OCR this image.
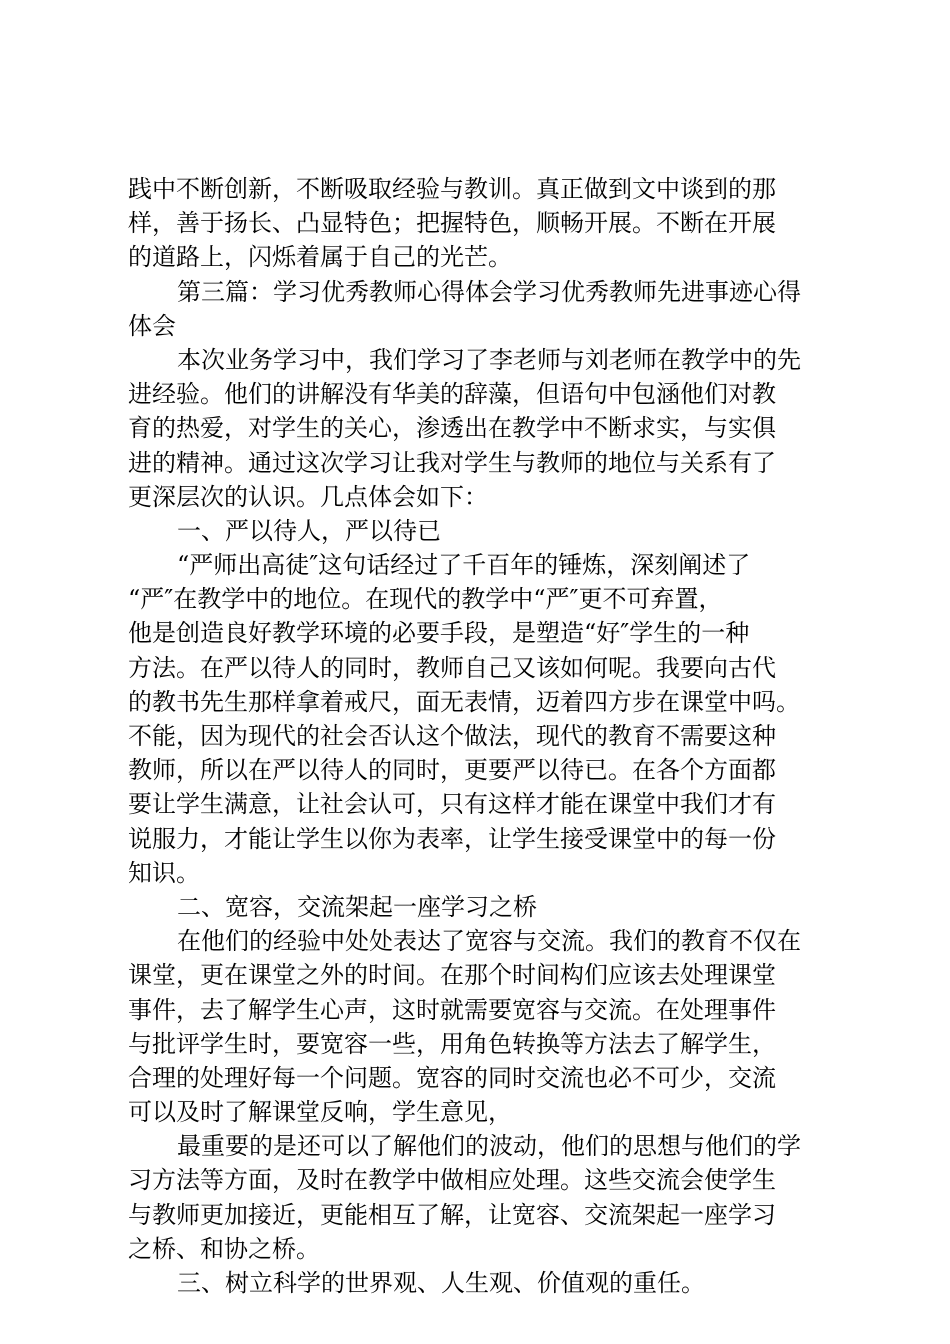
践中不断创新，不断吸取经验与教训。真正做到文中谈到的那
样，善于扬长、凸显特色；把握特色，顺畅开展。不断在开展
的道路上，闪烁着属于自己的光芒。
第三篇：学习优秀教师心得体会学习优秀教师先进事迹心得
体会
本次业务学习中，我们学习了李老师与刘老师在教学中的先
进经验。他们的讲解没有华美的辞藻，但语句中包涵他们对教
育的热爱，对学生的关心，渗透出在教学中不断求实，与实俱
进的精神。通过这次学习让我对学生与教师的地位与关系有了
更深层次的认识。几点体会如下：
一、严以待人，严以待已
“严师出高徒″这句话经过了千百年的锤炼，深刻阐述了
“严″在教学中的地位。在现代的教学中“严″更不可弃置，
他是创造良好教学环境的必要手段，是塑造“好″学生的一种
方法。在严以待人的同时，教师自己又该如何呢。我要向古代
的教书先生那样拿着戒尺，面无表情，迈着四方步在课堂中吗。
不能，因为现代的社会否认这个做法，现代的教育不需要这种
教师，所以在严以待人的同时，更要严以待已。在各个方面都
要让学生满意，让社会认可，只有这样才能在课堂中我们才有
说服力，才能让学生以你为表率，让学生接受课堂中的每一份
知识。
二、宽容，交流架起一座学习之桥
在他们的经验中处处表达了宽容与交流。我们的教育不仅在
课堂，更在课堂之外的时间。在那个时间构们应该去处理课堂
事件，去了解学生心声，这时就需要宽容与交流。在处理事件
与批评学生时，要宽容一些，用角色转换等方法去了解学生，
合理的处理好每一个问题。宽容的同时交流也必不可少，交流
可以及时了解课堂反响，学生意见，
最重要的是还可以了解他们的波动，他们的思想与他们的学
习方法等方面，及时在教学中做相应处理。这些交流会使学生
与教师更加接近，更能相互了解，让宽容、交流架起一座学习
之桥、和协之桥。
三、树立科学的世界观、人生观、价值观的重任。
